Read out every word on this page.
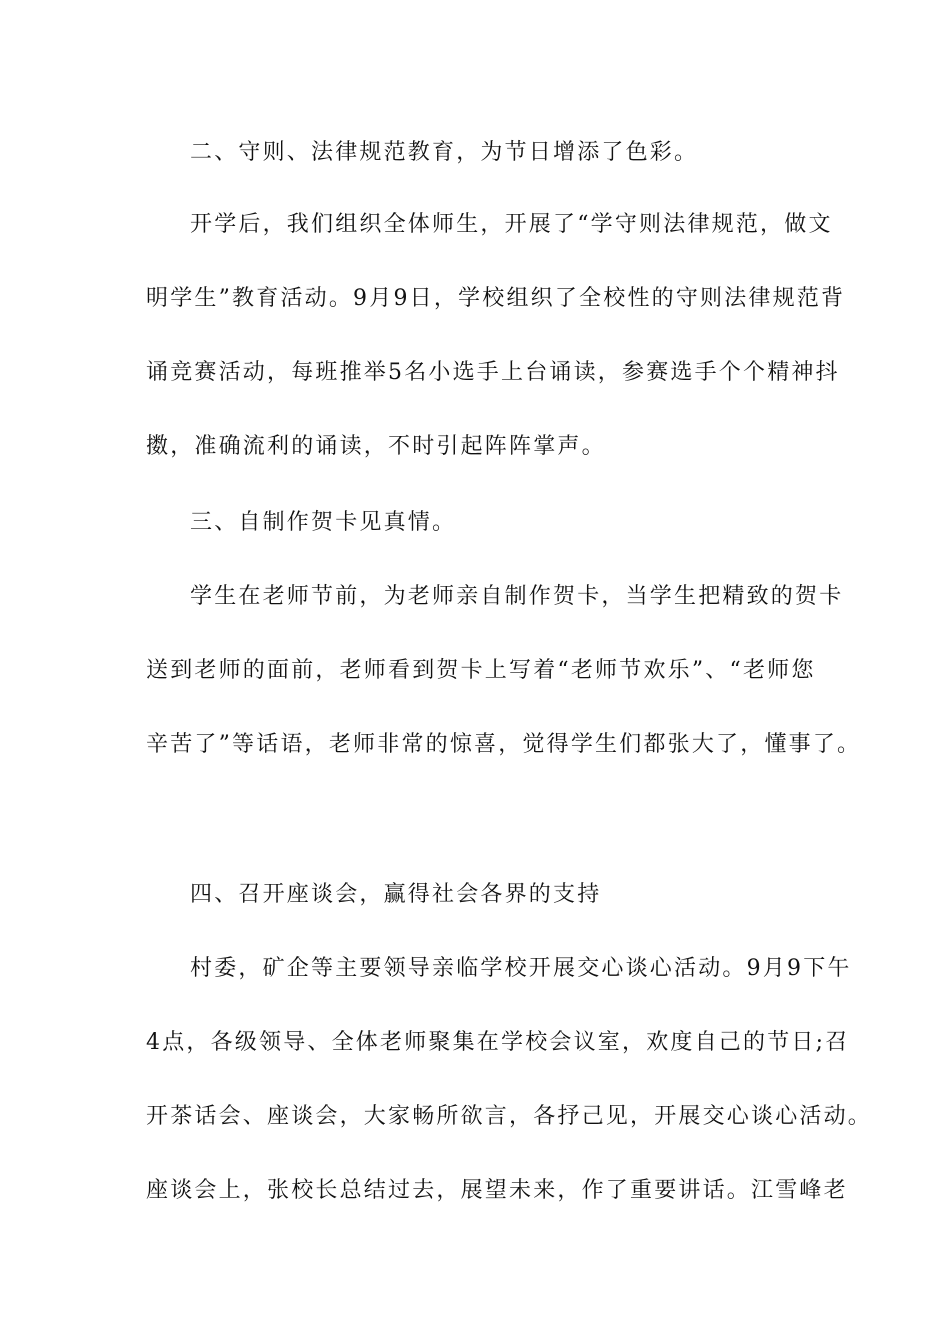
二、守则、法律规范教育，为节日增添了色彩。
开学后，我们组织全体师生，开展了“学守则法律规范，做文
明学生”教育活动。9月9日，学校组织了全校性的守则法律规范背
诵竞赛活动，每班推举5名小选手上台诵读，参赛选手个个精神抖
擞，准确流利的诵读，不时引起阵阵掌声。
三、自制作贺卡见真情。
学生在老师节前，为老师亲自制作贺卡，当学生把精致的贺卡
送到老师的面前，老师看到贺卡上写着“老师节欢乐”、“老师您
辛苦了”等话语，老师非常的惊喜，觉得学生们都张大了，懂事了。
四、召开座谈会，赢得社会各界的支持
村委，矿企等主要领导亲临学校开展交心谈心活动。9月9下午
4点，各级领导、全体老师聚集在学校会议室，欢度自己的节日;召
开茶话会、座谈会，大家畅所欲言，各抒己见，开展交心谈心活动。
座谈会上，张校长总结过去，展望未来，作了重要讲话。江雪峰老
